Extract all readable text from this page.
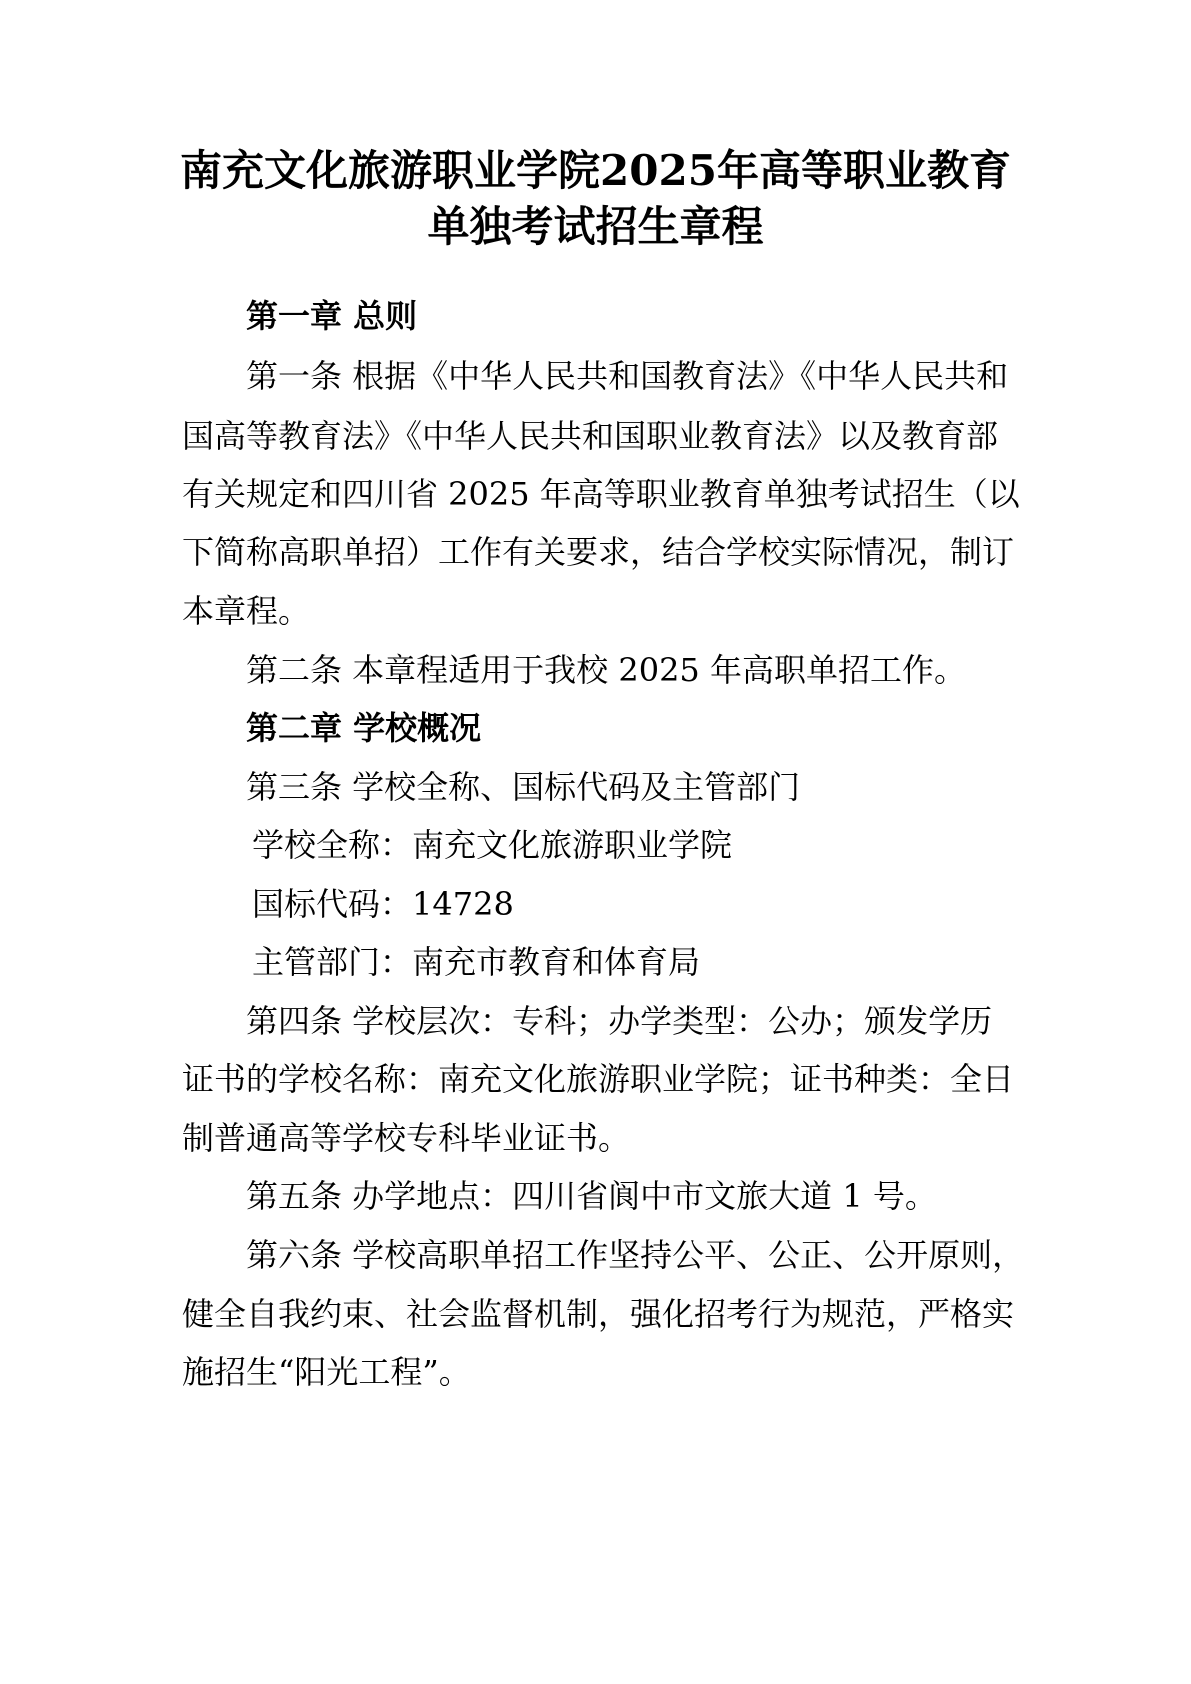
南充文化旅游职业学院2025年高等职业教育
单独考试招生章程
第一章 总则
第一条 根据《中华人民共和国教育法》《中华人民共和
国高等教育法》《中华人民共和国职业教育法》以及教育部
有关规定和四川省 2025 年高等职业教育单独考试招生（以
下简称高职单招）工作有关要求，结合学校实际情况，制订
本章程。
第二条 本章程适用于我校 2025 年高职单招工作。
第二章 学校概况
第三条 学校全称、国标代码及主管部门
学校全称：南充文化旅游职业学院
国标代码：14728
主管部门：南充市教育和体育局
第四条 学校层次：专科；办学类型：公办；颁发学历
证书的学校名称：南充文化旅游职业学院；证书种类：全日
制普通高等学校专科毕业证书。
第五条 办学地点：四川省阆中市文旅大道 1 号。
第六条 学校高职单招工作坚持公平、公正、公开原则，
健全自我约束、社会监督机制，强化招考行为规范，严格实
施招生“阳光工程”。
